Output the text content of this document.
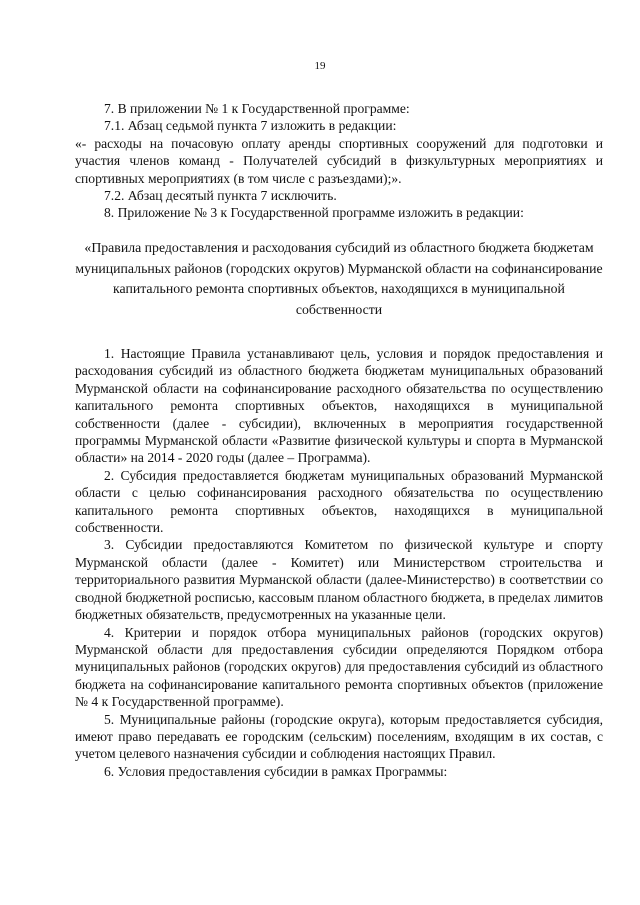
19

7. В приложении № 1 к Государственной программе:

7.1. Абзац седьмой пункта 7 изложить в редакции:

«- расходы на почасовую оплату аренды спортивных сооружений для подготовки и участия членов команд - Получателей субсидий в физкультурных мероприятиях и спортивных мероприятиях (в том числе с разъездами);».

7.2. Абзац десятый пункта 7 исключить.

8. Приложение № 3 к Государственной программе изложить в редакции:

«Правила предоставления и расходования субсидий из областного бюджета бюджетам муниципальных районов (городских округов) Мурманской области на софинансирование капитального ремонта спортивных объектов, находящихся в муниципальной собственности

1. Настоящие Правила устанавливают цель, условия и порядок предоставления и расходования субсидий из областного бюджета бюджетам муниципальных образований Мурманской области на софинансирование расходного обязательства по осуществлению капитального ремонта спортивных объектов, находящихся в муниципальной собственности (далее - субсидии), включенных в мероприятия государственной программы Мурманской области «Развитие физической культуры и спорта в Мурманской области» на 2014 - 2020 годы (далее – Программа).

2. Субсидия предоставляется бюджетам муниципальных образований Мурманской области с целью софинансирования расходного обязательства по осуществлению капитального ремонта спортивных объектов, находящихся в муниципальной собственности.

3. Субсидии предоставляются Комитетом по физической культуре и спорту Мурманской области (далее - Комитет) или Министерством строительства и территориального развития Мурманской области (далее-Министерство) в соответствии со сводной бюджетной росписью, кассовым планом областного бюджета, в пределах лимитов бюджетных обязательств, предусмотренных на указанные цели.

4. Критерии и порядок отбора муниципальных районов (городских округов) Мурманской области для предоставления субсидии определяются Порядком отбора муниципальных районов (городских округов) для предоставления субсидий из областного бюджета на софинансирование капитального ремонта спортивных объектов (приложение № 4 к Государственной программе).

5. Муниципальные районы (городские округа), которым предоставляется субсидия, имеют право передавать ее городским (сельским) поселениям, входящим в их состав, с учетом целевого назначения субсидии и соблюдения настоящих Правил.

6. Условия предоставления субсидии в рамках Программы:
